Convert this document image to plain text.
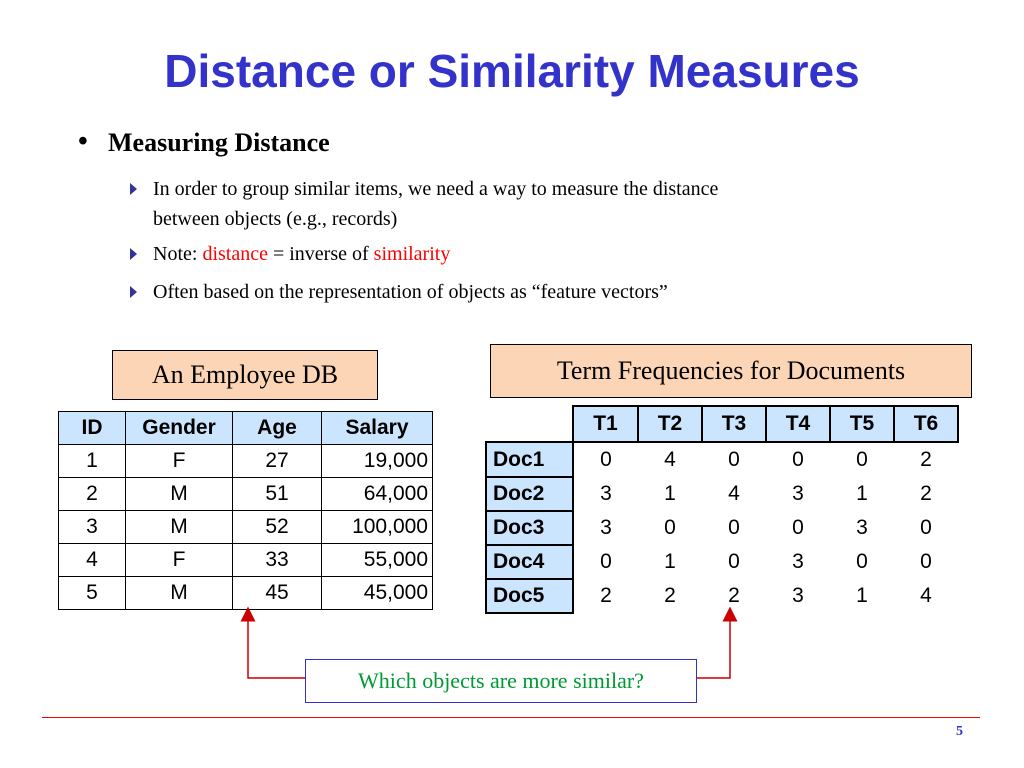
Distance or Similarity Measures
• Measuring Distance
In order to group similar items, we need a way to measure the distance
between objects (e.g., records)
Note: distance = inverse of similarity
Often based on the representation of objects as “feature vectors”
An Employee DB	Term Frequencies for Documents
ID	Gender	Age	Salary
1	F	27	19,000
2	M	51	64,000
3	M	52	100,000
4	F	33	55,000
5	M	45	45,000
	T1	T2	T3	T4	T5	T6
Doc1	0	4	0	0	0	2
Doc2	3	1	4	3	1	2
Doc3	3	0	0	0	3	0
Doc4	0	1	0	3	0	0
Doc5	2	2	2	3	1	4
Which objects are more similar?
5
